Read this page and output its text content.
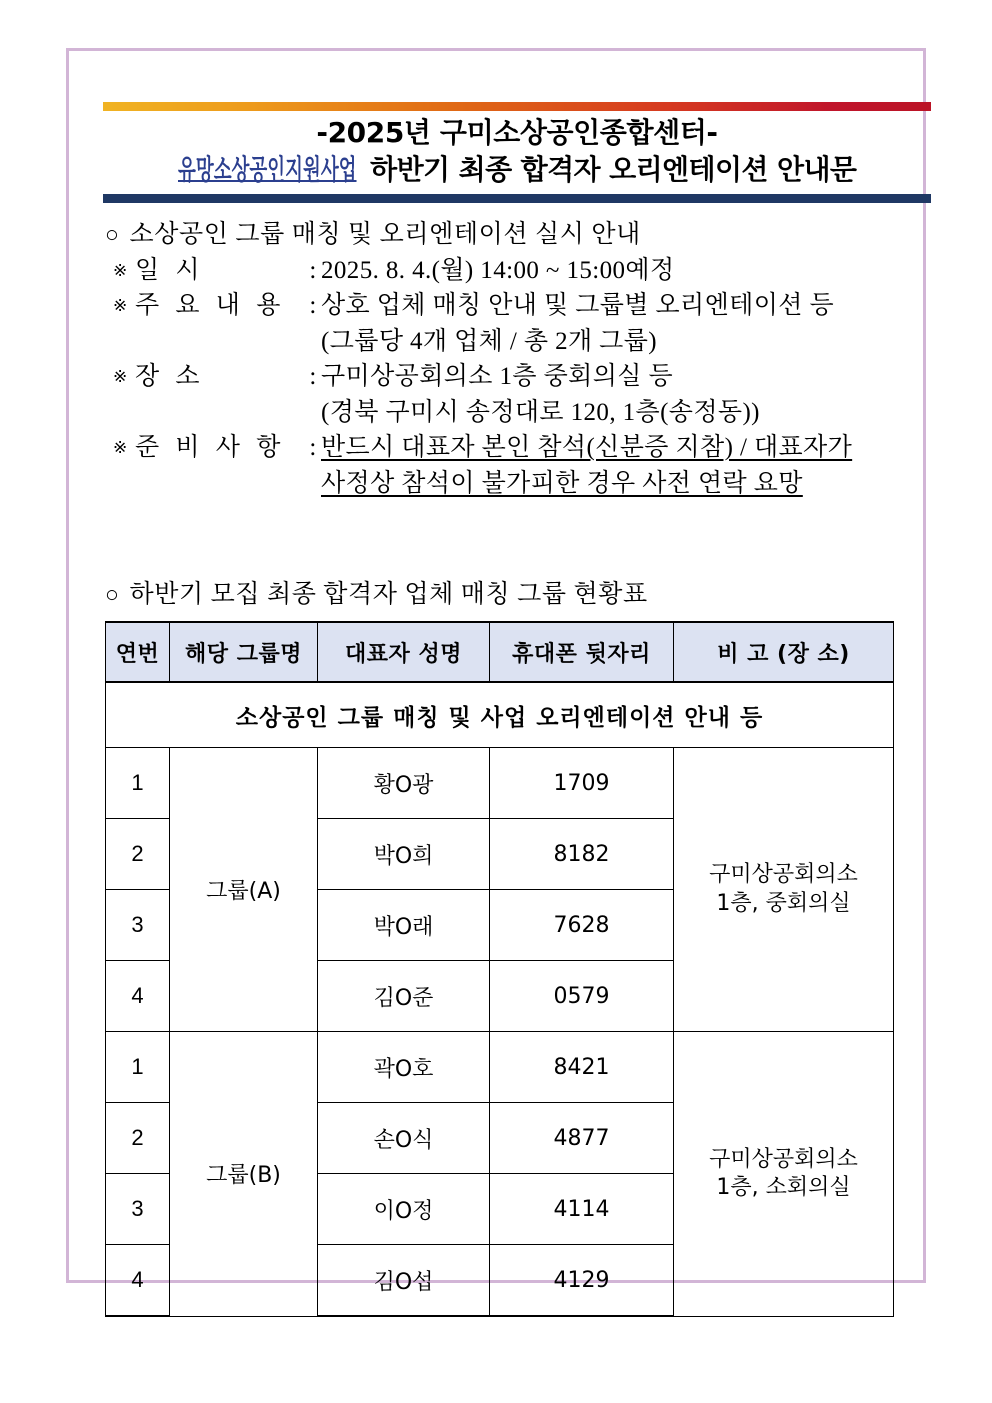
-2025년 구미소상공인종합센터-
유망소상공인지원사업 하반기 최종 합격자 오리엔테이션 안내문
○ 소상공인 그룹 매칭 및 오리엔테이션 실시 안내
※ 일 시	: 2025. 8. 4.(월) 14:00 ~ 15:00예정
※ 주 요 내 용 : 상호 업체 매칭 안내 및 그룹별 오리엔테이션 등
(그룹당 4개 업체 / 총 2개 그룹)
※ 장 소	: 구미상공회의소 1층 중회의실 등
(경북 구미시 송정대로 120, 1층(송정동))
※ 준 비 사 항 : 반드시 대표자 본인 참석(신분증 지참) / 대표자가
사정상 참석이 불가피한 경우 사전 연락 요망
○ 하반기 모집 최종 합격자 업체 매칭 그룹 현황표
연번	해당 그룹명	대표자 성명	휴대폰 뒷자리	비 고 (장 소)
소상공인 그룹 매칭 및 사업 오리엔테이션 안내 등				
1	그룹(A)	황O광	1709	구미상공회의소
1층, 중회의실
2		박O희	8182	
3		박O래	7628	
4		김O준	0579	
1	그룹(B)	곽O호	8421	구미상공회의소
1층, 소회의실
2		손O식	4877	
3		이O정	4114	
4		김O섭	4129	
